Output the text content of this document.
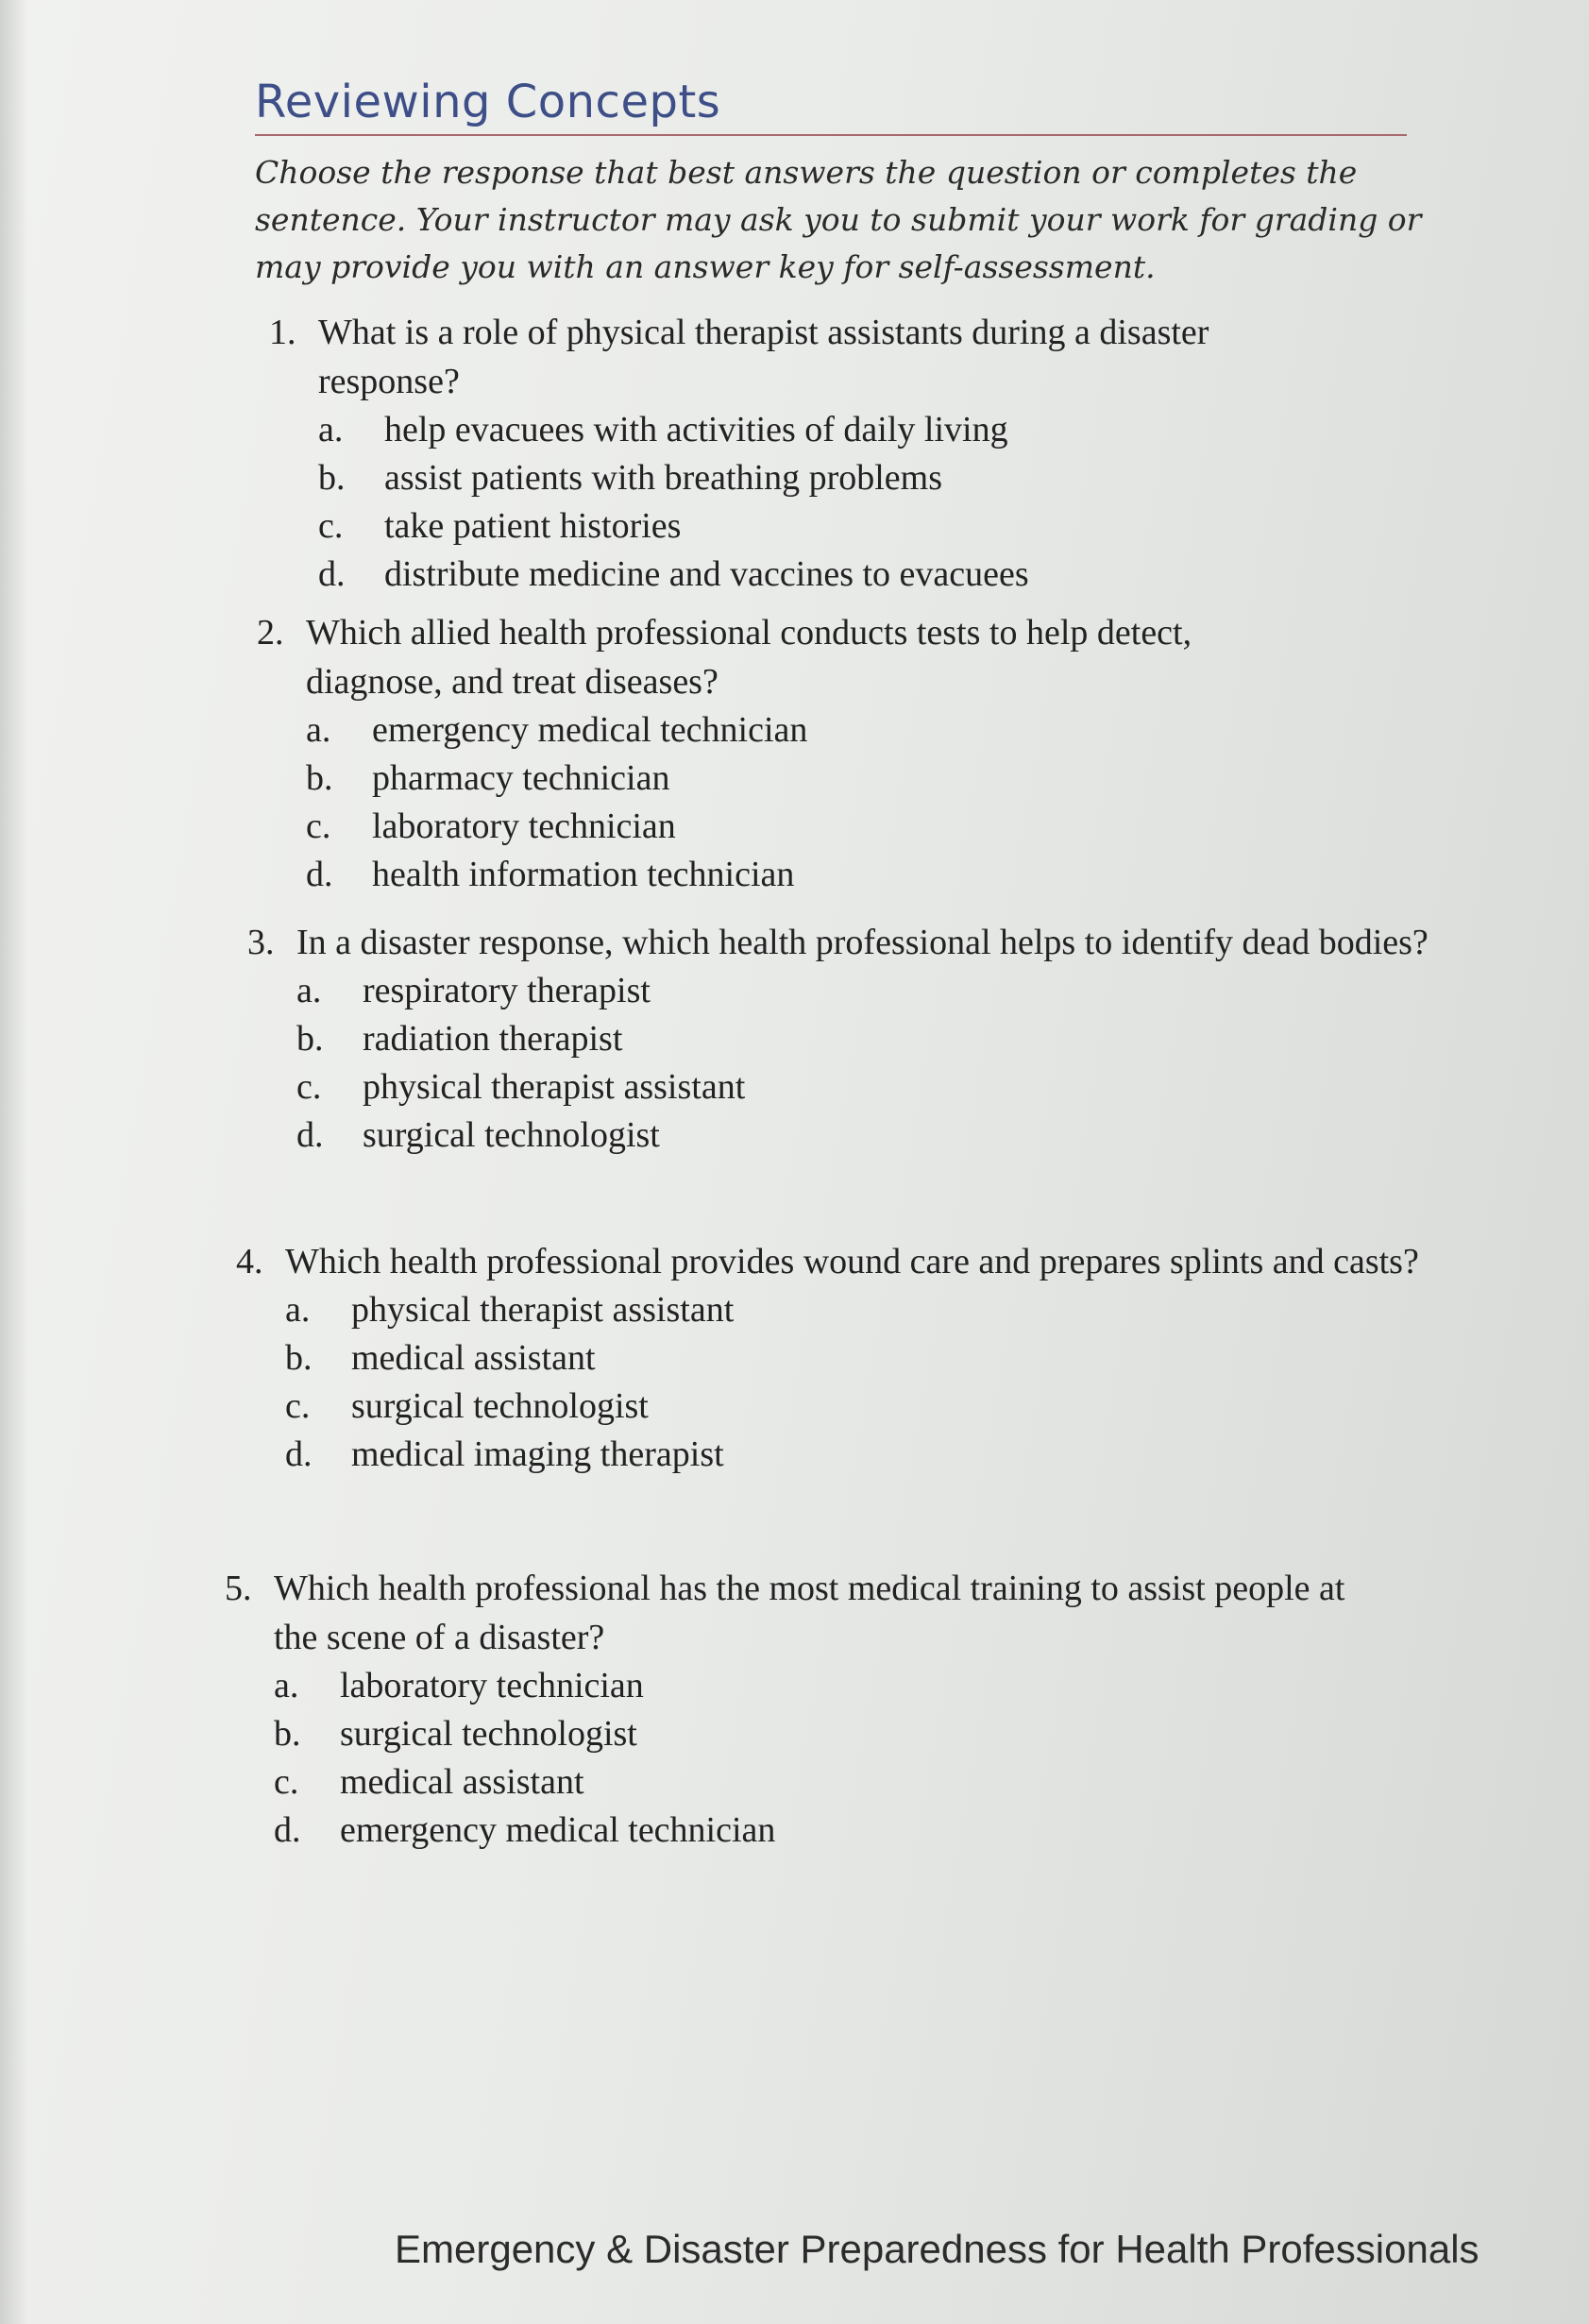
Reviewing Concepts

Choose the response that best answers the question or completes the sentence. Your instructor may ask you to submit your work for grading or may provide you with an answer key for self-assessment.

1. What is a role of physical therapist assistants during a disaster response?
a.	help evacuees with activities of daily living
b.	assist patients with breathing problems
c.	take patient histories
d.	distribute medicine and vaccines to evacuees
2. Which allied health professional conducts tests to help detect, diagnose, and treat diseases?
a.	emergency medical technician
b.	pharmacy technician
c.	laboratory technician
d.	health information technician
3. In a disaster response, which health professional helps to identify dead bodies?
a.	respiratory therapist
b.	radiation therapist
c.	physical therapist assistant
d.	surgical technologist
4. Which health professional provides wound care and prepares splints and casts?
a.	physical therapist assistant
b.	medical assistant
c.	surgical technologist
d.	medical imaging therapist
5. Which health professional has the most medical training to assist people at the scene of a disaster?
a.	laboratory technician
b.	surgical technologist
c.	medical assistant
d.	emergency medical technician

Emergency & Disaster Preparedness for Health Professionals
